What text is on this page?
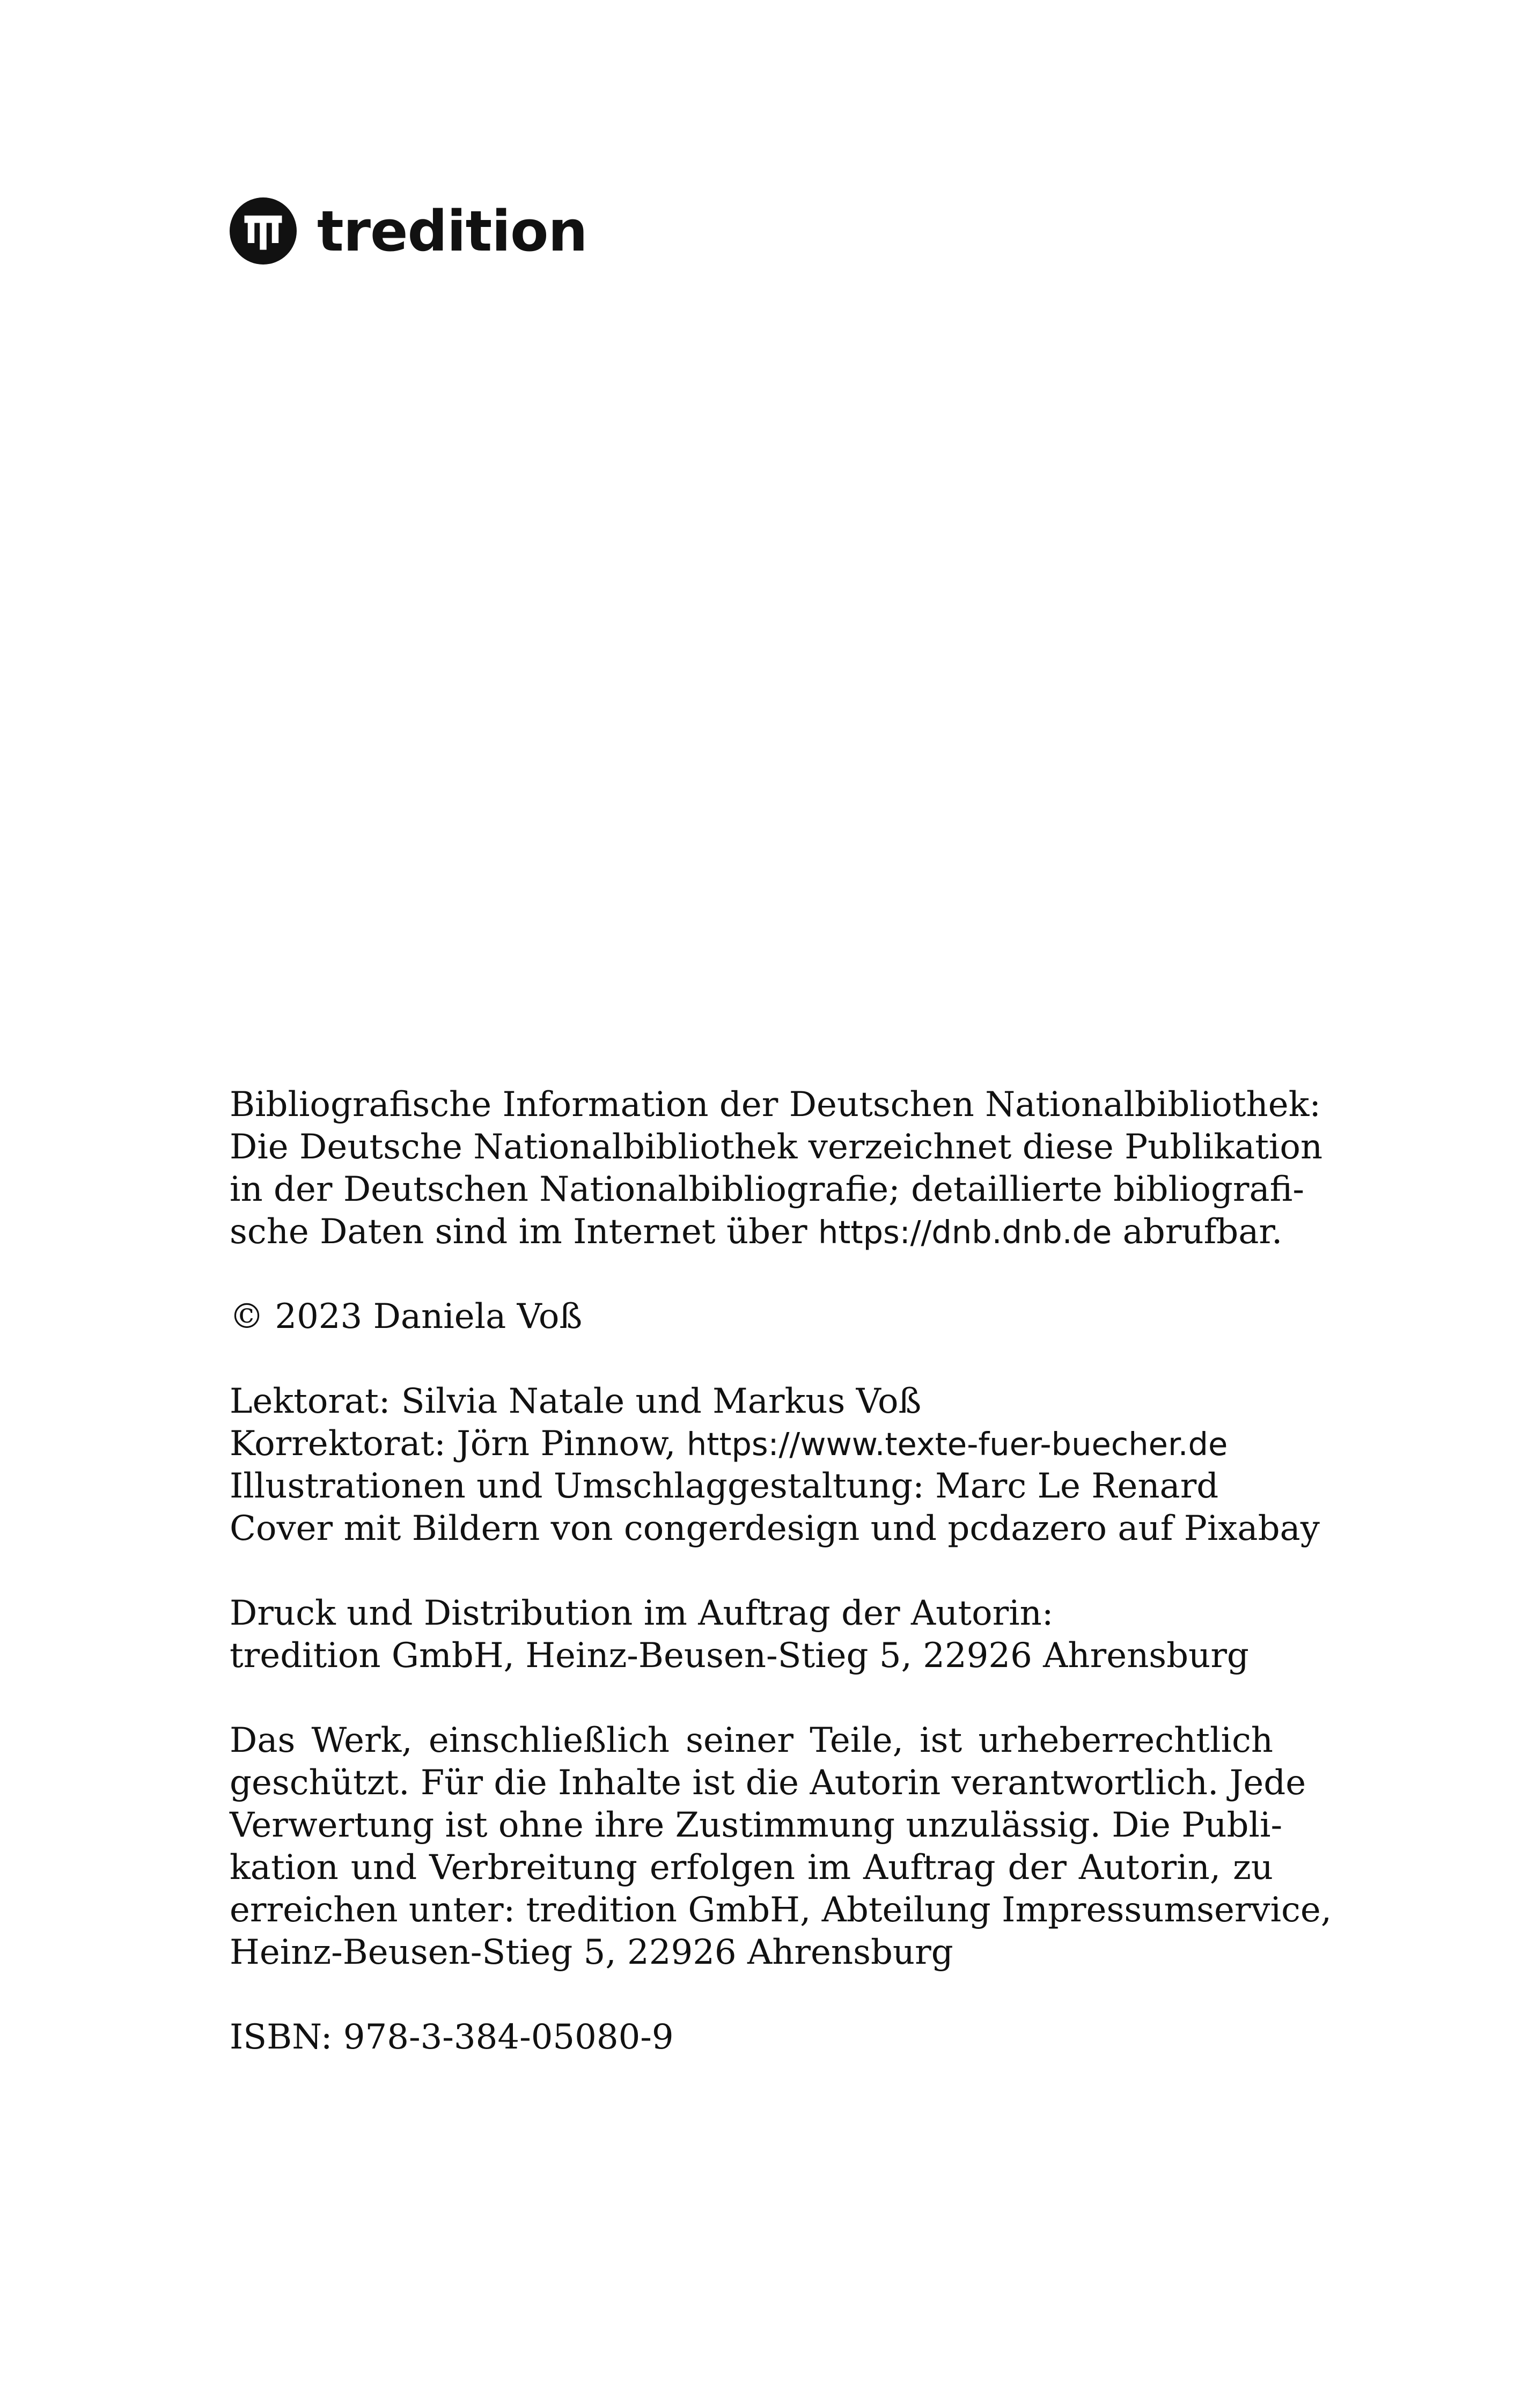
tredition
Bibliografische Information der Deutschen Nationalbibliothek:
Die Deutsche Nationalbibliothek verzeichnet diese Publikation
in der Deutschen Nationalbibliografie; detaillierte bibliografi-
sche Daten sind im Internet über https://dnb.dnb.de abrufbar.
© 2023 Daniela Voß
Lektorat: Silvia Natale und Markus Voß
Korrektorat: Jörn Pinnow, https://www.texte-fuer-buecher.de
Illustrationen und Umschlaggestaltung: Marc Le Renard
Cover mit Bildern von congerdesign und pcdazero auf Pixabay
Druck und Distribution im Auftrag der Autorin:
tredition GmbH, Heinz-Beusen-Stieg 5, 22926 Ahrensburg
Das Werk, einschließlich seiner Teile, ist urheberrechtlich
geschützt. Für die Inhalte ist die Autorin verantwortlich. Jede
Verwertung ist ohne ihre Zustimmung unzulässig. Die Publi-
kation und Verbreitung erfolgen im Auftrag der Autorin, zu
erreichen unter: tredition GmbH, Abteilung Impressumservice,
Heinz-Beusen-Stieg 5, 22926 Ahrensburg
ISBN: 978-3-384-05080-9
